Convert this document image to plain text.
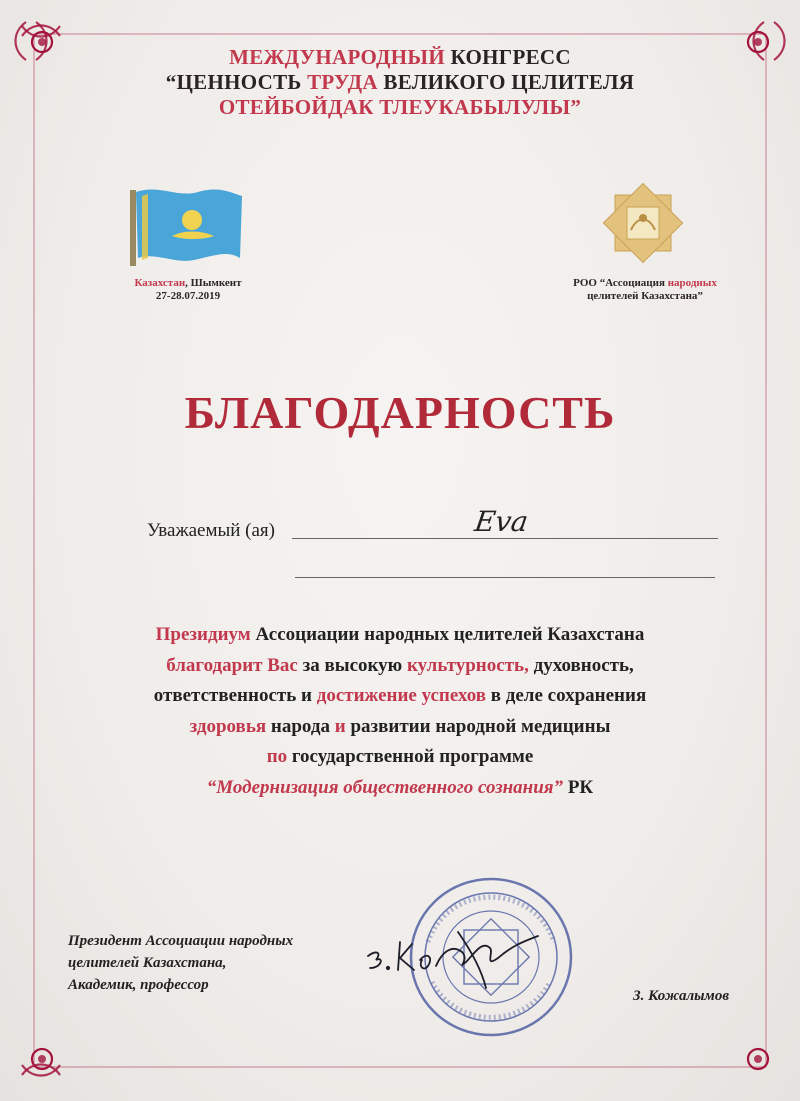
МЕЖДУНАРОДНЫЙ КОНГРЕСС
“ЦЕННОСТЬ ТРУДА ВЕЛИКОГО ЦЕЛИТЕЛЯ
ОТЕЙБОЙДАК ТЛЕУКАБЫЛУЛЫ”
Казахстан, Шымкент
27-28.07.2019
РОО “Ассоциация народных
целителей Казахстана”
БЛАГОДАРНОСТЬ
Уважаемый (ая)	Eva
Президиум Ассоциации народных целителей Казахстана
благодарит Вас за высокую культурность, духовность,
ответственность и достижение успехов в деле сохранения
здоровья народа и развитии народной медицины
по государственной программе
“Модернизация общественного сознания” РК
Президент Ассоциации народных
целителей Казахстана,
Академик, профессор
З. Кожалымов
